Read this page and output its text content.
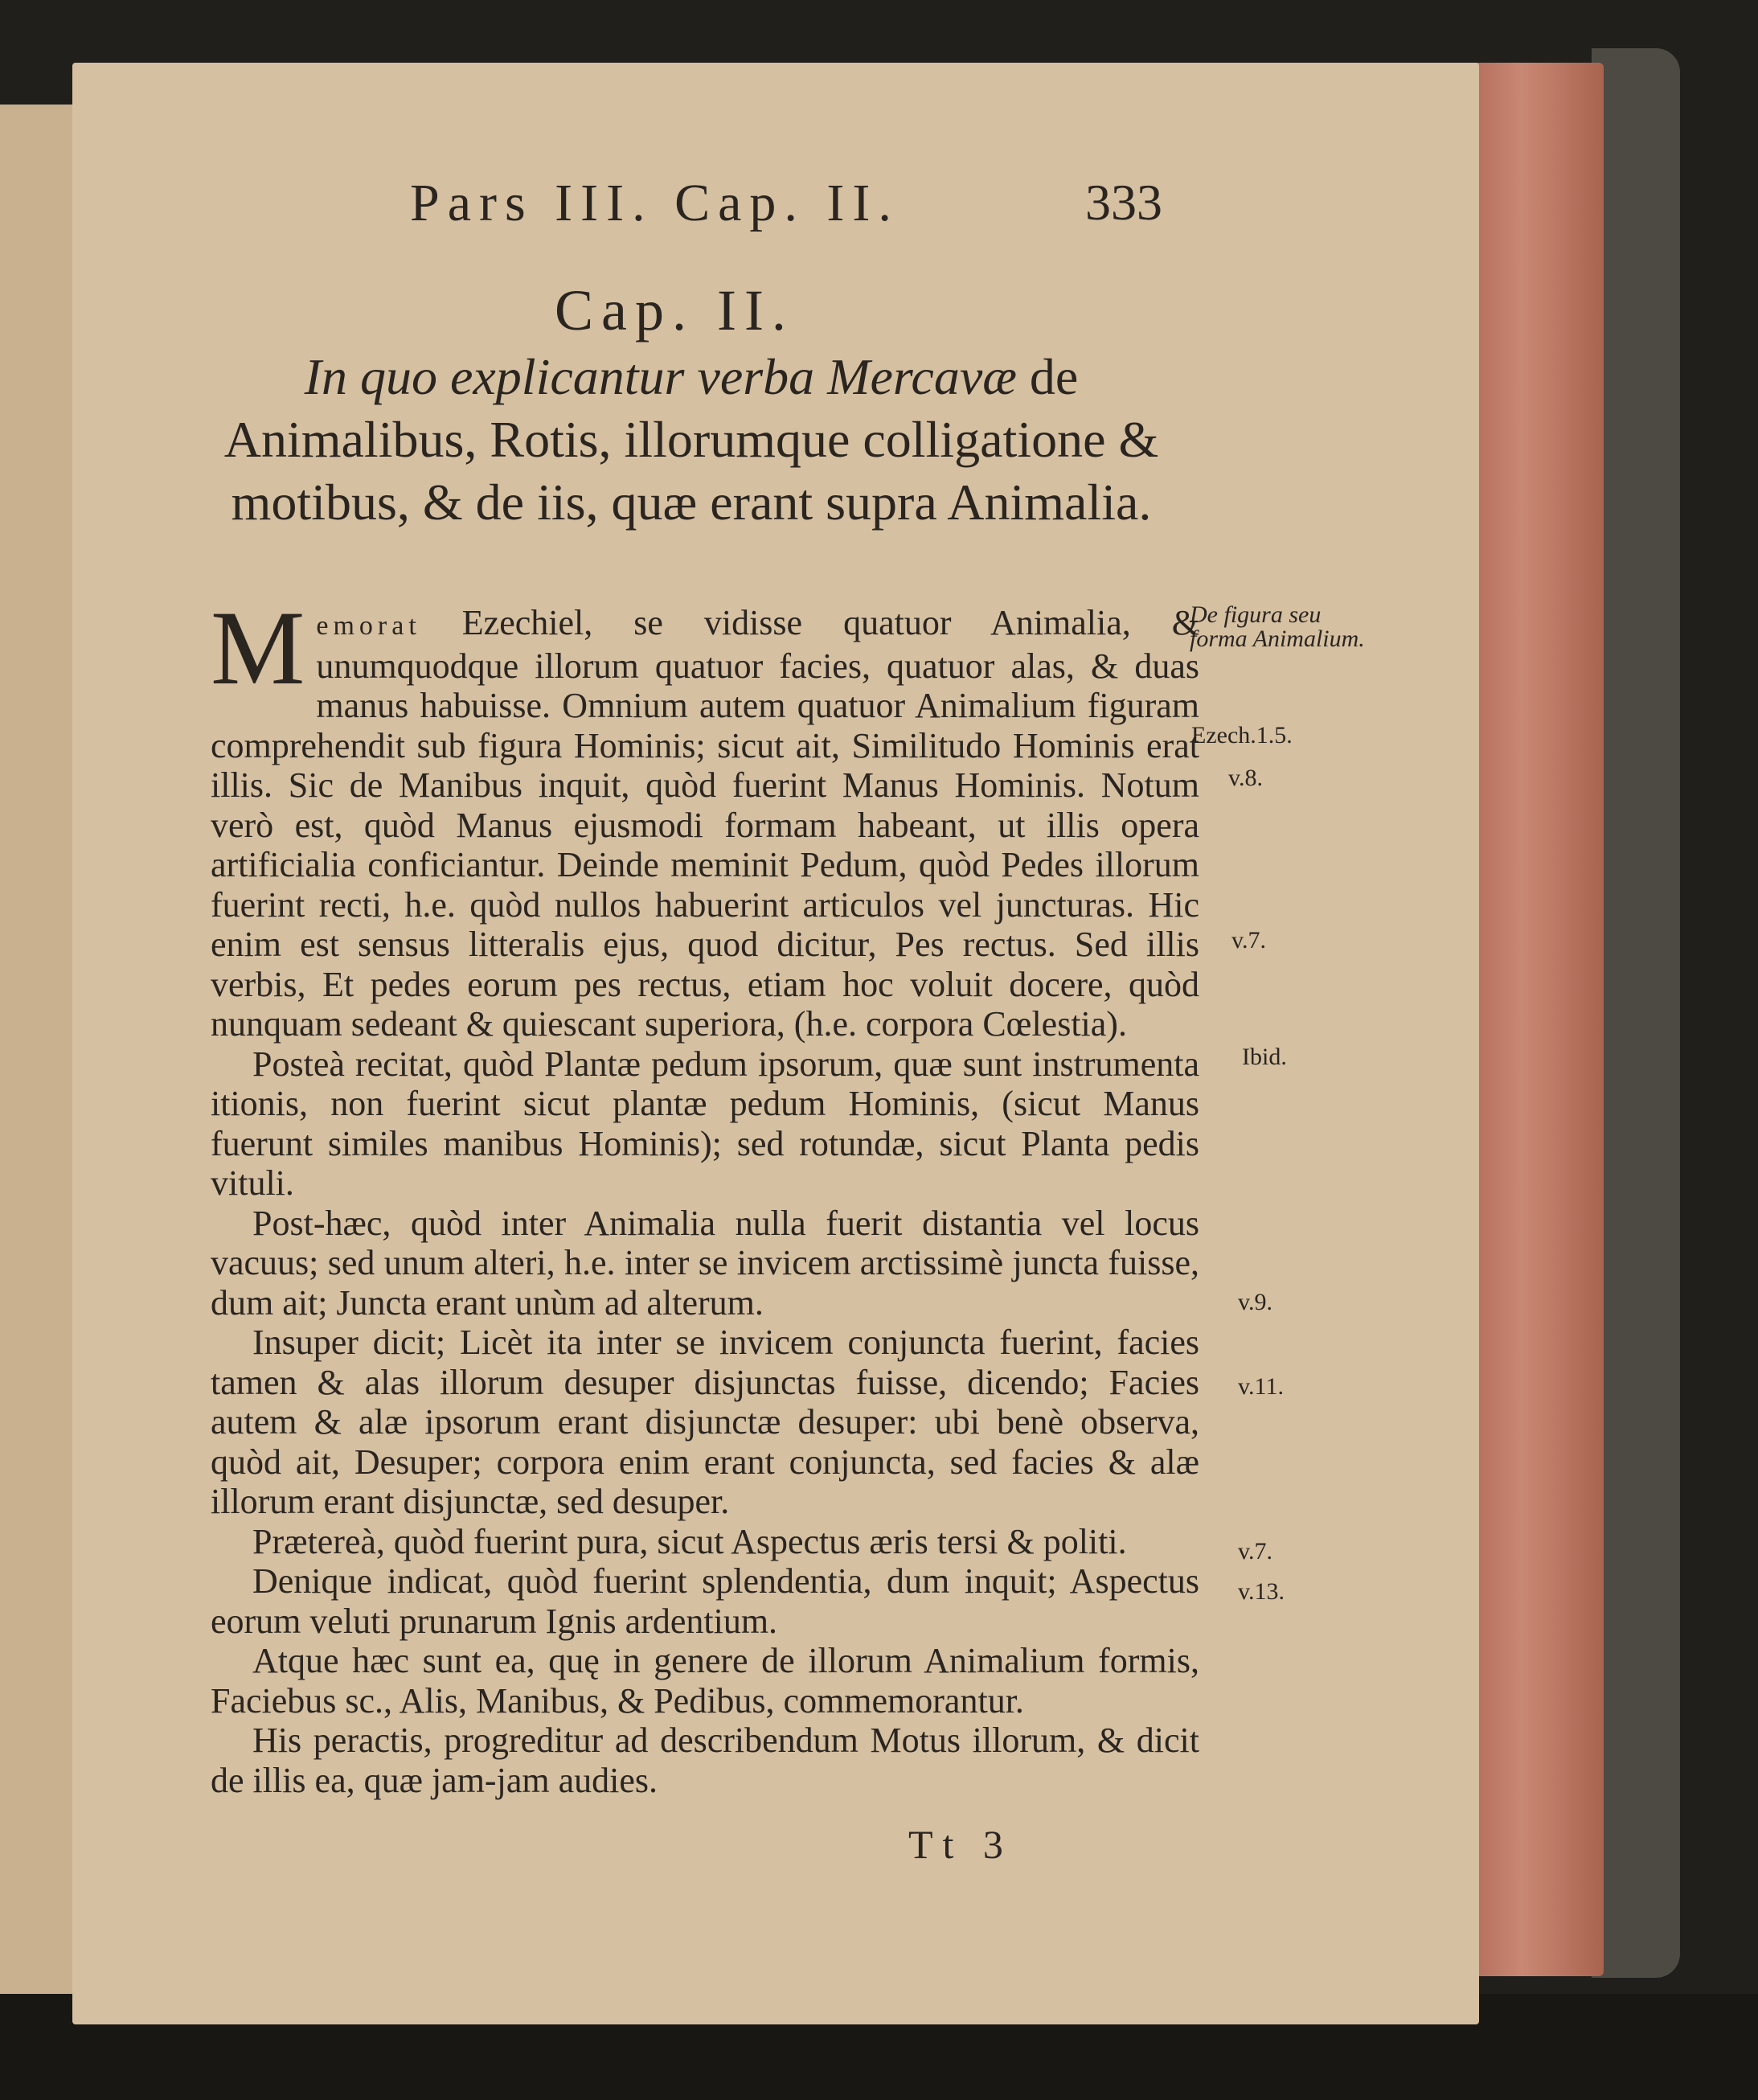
Pars III. Cap. II.	333
Cap. II.
In quo explicantur verba Mercavæ de Animalibus, Rotis, illorumque colligatione & motibus, & de iis, quæ erant supra Animalia.

M emorat Ezechiel, se vidisse quatuor Animalia, & unumquodque illorum quatuor facies, quatuor alas, & duas manus habuisse. Omnium autem quatuor Animalium figuram comprehendit sub figura Hominis; sicut ait, Similitudo Hominis erat illis. Sic de Manibus inquit, quòd fuerint Manus Hominis. Notum verò est, quòd Manus ejusmodi formam habeant, ut illis opera artificialia conficiantur. Deinde meminit Pedum, quòd Pedes illorum fuerint recti, h.e. quòd nullos habuerint articulos vel juncturas. Hic enim est sensus litteralis ejus, quod dicitur, Pes rectus. Sed illis verbis, Et pedes eorum pes rectus, etiam hoc voluit docere, quòd nunquam sedeant & quiescant superiora, (h.e. corpora Cœlestia).

Posteà recitat, quòd Plantæ pedum ipsorum, quæ sunt instrumenta itionis, non fuerint sicut plantæ pedum Hominis, (sicut Manus fuerunt similes manibus Hominis); sed rotundæ, sicut Planta pedis vituli.

Post-hæc, quòd inter Animalia nulla fuerit distantia vel locus vacuus; sed unum alteri, h.e. inter se invicem arctissimè juncta fuisse, dum ait; Juncta erant unùm ad alterum.

Insuper dicit; Licèt ita inter se invicem conjuncta fuerint, facies tamen & alas illorum desuper disjunctas fuisse, dicendo; Facies autem & alæ ipsorum erant disjunctæ desuper: ubi benè observa, quòd ait, Desuper; corpora enim erant conjuncta, sed facies & alæ illorum erant disjunctæ, sed desuper.

Prætereà, quòd fuerint pura, sicut Aspectus æris tersi & politi.

Denique indicat, quòd fuerint splendentia, dum inquit; Aspectus eorum veluti prunarum Ignis ardentium.

Atque hæc sunt ea, quę in genere de illorum Animalium formis, Faciebus sc., Alis, Manibus, & Pedibus, commemorantur.

His peractis, progreditur ad describendum Motus illorum, & dicit de illis ea, quæ jam-jam audies.

De figura seu forma Animalium.
Ezech.1.5.
v.8.
v.7.
Ibid.
v.9.
v.11.
v.7.
v.13.
Tt 3
